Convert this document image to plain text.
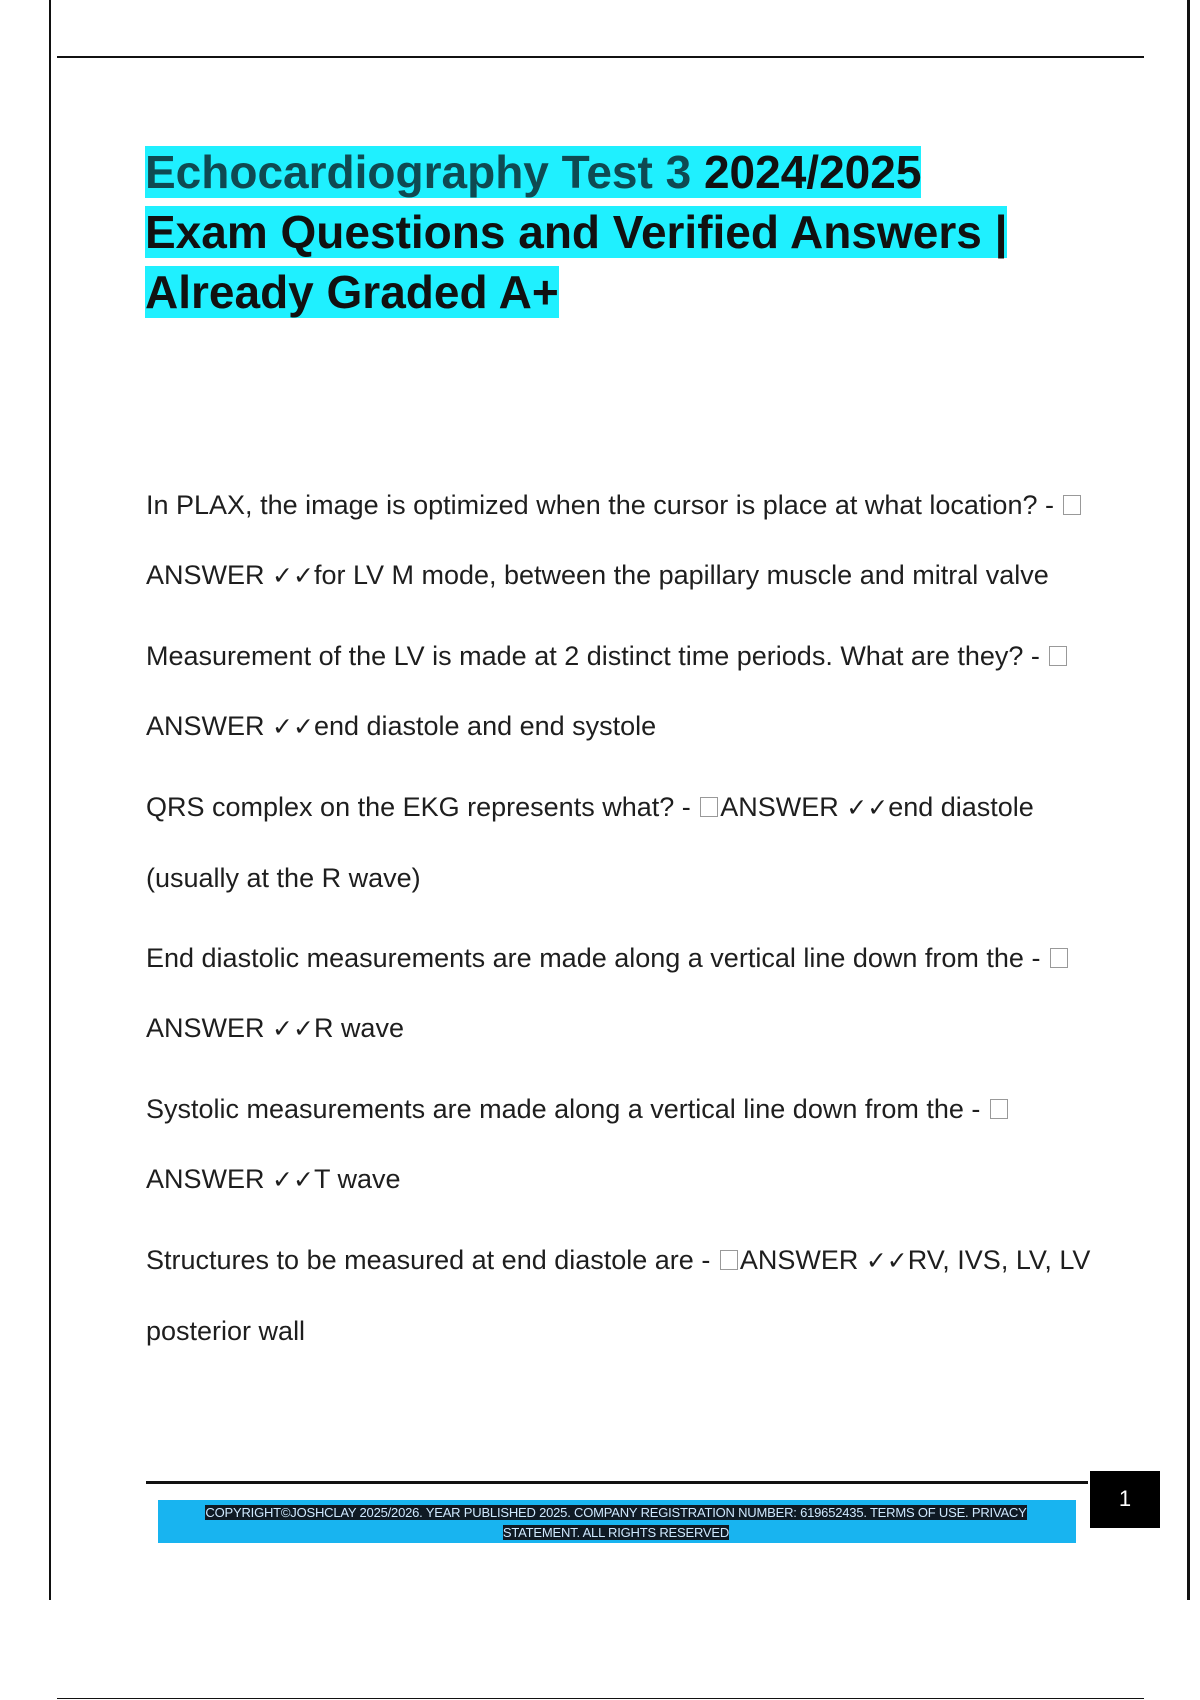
Echocardiography Test 3 2024/2025
Exam Questions and Verified Answers |
Already Graded A+

In PLAX, the image is optimized when the cursor is place at what location? - ANSWER ✓✓for LV M mode, between the papillary muscle and mitral valve

Measurement of the LV is made at 2 distinct time periods. What are they? - ANSWER ✓✓end diastole and end systole

QRS complex on the EKG represents what? - ANSWER ✓✓end diastole (usually at the R wave)

End diastolic measurements are made along a vertical line down from the - ANSWER ✓✓R wave

Systolic measurements are made along a vertical line down from the - ANSWER ✓✓T wave

Structures to be measured at end diastole are - ANSWER ✓✓RV, IVS, LV, LV posterior wall

1
COPYRIGHT©JOSHCLAY 2025/2026. YEAR PUBLISHED 2025. COMPANY REGISTRATION NUMBER: 619652435. TERMS OF USE. PRIVACY STATEMENT. ALL RIGHTS RESERVED
